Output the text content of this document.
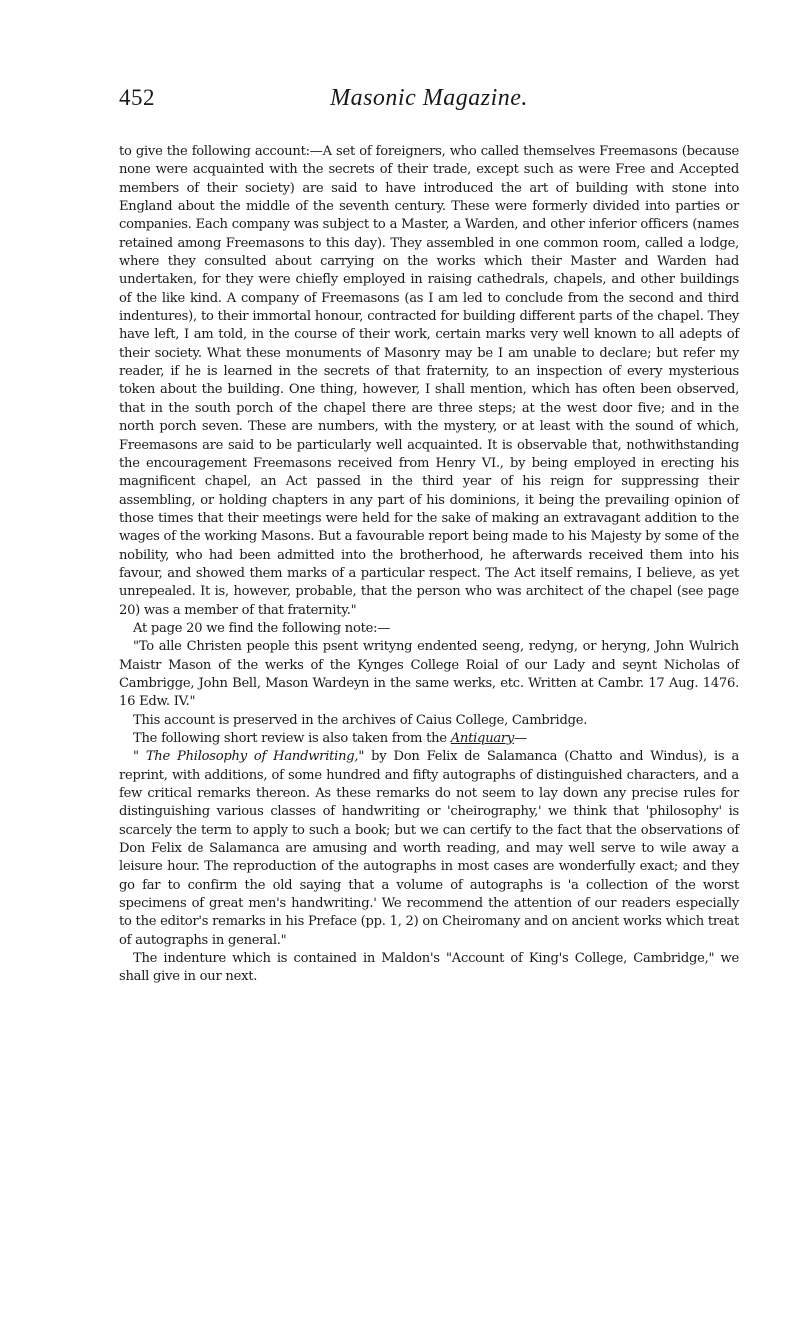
452	Masonic Magazine.

to give the following account:—A set of foreigners, who called themselves Freemasons (because none were acquainted with the secrets of their trade, except such as were Free and Accepted members of their society) are said to have introduced the art of building with stone into England about the middle of the seventh century. These were formerly divided into parties or companies. Each company was subject to a Master, a Warden, and other inferior officers (names retained among Freemasons to this day). They assembled in one common room, called a lodge, where they consulted about carrying on the works which their Master and Warden had undertaken, for they were chiefly employed in raising cathedrals, chapels, and other buildings of the like kind. A company of Freemasons (as I am led to conclude from the second and third indentures), to their immortal honour, contracted for building different parts of the chapel. They have left, I am told, in the course of their work, certain marks very well known to all adepts of their society. What these monuments of Masonry may be I am unable to declare; but refer my reader, if he is learned in the secrets of that fraternity, to an inspection of every mysterious token about the building. One thing, however, I shall mention, which has often been observed, that in the south porch of the chapel there are three steps; at the west door five; and in the north porch seven. These are numbers, with the mystery, or at least with the sound of which, Freemasons are said to be particularly well acquainted. It is observable that, nothwithstanding the encouragement Freemasons received from Henry VI., by being employed in erecting his magnificent chapel, an Act passed in the third year of his reign for suppressing their assembling, or holding chapters in any part of his dominions, it being the prevailing opinion of those times that their meetings were held for the sake of making an extravagant addition to the wages of the working Masons. But a favourable report being made to his Majesty by some of the nobility, who had been admitted into the brotherhood, he afterwards received them into his favour, and showed them marks of a particular respect. The Act itself remains, I believe, as yet unrepealed. It is, however, probable, that the person who was architect of the chapel (see page 20) was a member of that fraternity."

At page 20 we find the following note:—

"To alle Christen people this psent writyng endented seeng, redyng, or heryng, John Wulrich Maistr Mason of the werks of the Kynges College Roial of our Lady and seynt Nicholas of Cambrigge, John Bell, Mason Wardeyn in the same werks, etc. Written at Cambr. 17 Aug. 1476. 16 Edw. IV."

This account is preserved in the archives of Caius College, Cambridge.

The following short review is also taken from the Antiquary—

" The Philosophy of Handwriting," by Don Felix de Salamanca (Chatto and Windus), is a reprint, with additions, of some hundred and fifty autographs of distinguished characters, and a few critical remarks thereon. As these remarks do not seem to lay down any precise rules for distinguishing various classes of handwriting or 'cheirography,' we think that 'philosophy' is scarcely the term to apply to such a book; but we can certify to the fact that the observations of Don Felix de Salamanca are amusing and worth reading, and may well serve to wile away a leisure hour. The reproduction of the autographs in most cases are wonderfully exact; and they go far to confirm the old saying that a volume of autographs is 'a collection of the worst specimens of great men's handwriting.' We recommend the attention of our readers especially to the editor's remarks in his Preface (pp. 1, 2) on Cheiromany and on ancient works which treat of autographs in general."

The indenture which is contained in Maldon's "Account of King's College, Cambridge," we shall give in our next.
